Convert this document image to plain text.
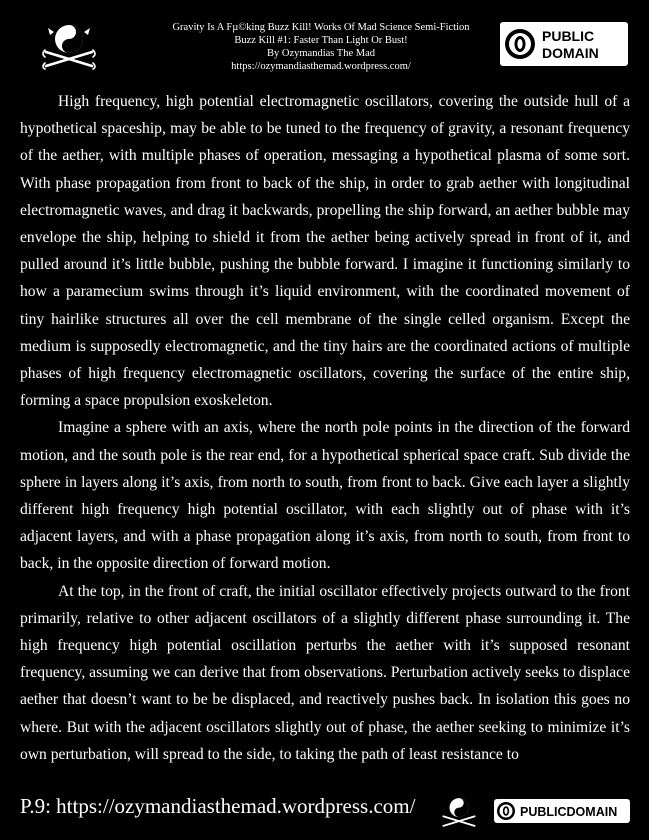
Gravity Is A Fµ©king Buzz Kill! Works Of Mad Science Semi-Fiction
Buzz Kill #1: Faster Than Light Or Bust!
By Ozymandias The Mad
https://ozymandiasthemad.wordpress.com/
PUBLIC
DOMAIN

High frequency, high potential electromagnetic oscillators, covering the outside hull of a hypothetical spaceship, may be able to be tuned to the frequency of gravity, a resonant frequency of the aether, with multiple phases of operation, messaging a hypothetical plasma of some sort. With phase propagation from front to back of the ship, in order to grab aether with longitudinal electromagnetic waves, and drag it backwards, propelling the ship forward, an aether bubble may envelope the ship, helping to shield it from the aether being actively spread in front of it, and pulled around it’s little bubble, pushing the bubble forward. I imagine it functioning similarly to how a paramecium swims through it’s liquid environment, with the coordinated movement of tiny hairlike structures all over the cell membrane of the single celled organism. Except the medium is supposedly electromagnetic, and the tiny hairs are the coordinated actions of multiple phases of high frequency electromagnetic oscillators, covering the surface of the entire ship, forming a space propulsion exoskeleton.

Imagine a sphere with an axis, where the north pole points in the direction of the forward motion, and the south pole is the rear end, for a hypothetical spherical space craft. Sub divide the sphere in layers along it’s axis, from north to south, from front to back. Give each layer a slightly different high frequency high potential oscillator, with each slightly out of phase with it’s adjacent layers, and with a phase propagation along it’s axis, from north to south, from front to back, in the opposite direction of forward motion.

At the top, in the front of craft, the initial oscillator effectively projects outward to the front primarily, relative to other adjacent oscillators of a slightly different phase surrounding it. The high frequency high potential oscillation perturbs the aether with it’s supposed resonant frequency, assuming we can derive that from observations. Perturbation actively seeks to displace aether that doesn’t want to be be displaced, and reactively pushes back. In isolation this goes no where. But with the adjacent oscillators slightly out of phase, the aether seeking to minimize it’s own perturbation, will spread to the side, to taking the path of least resistance to

P.9: https://ozymandiasthemad.wordpress.com/	PUBLICDOMAIN
